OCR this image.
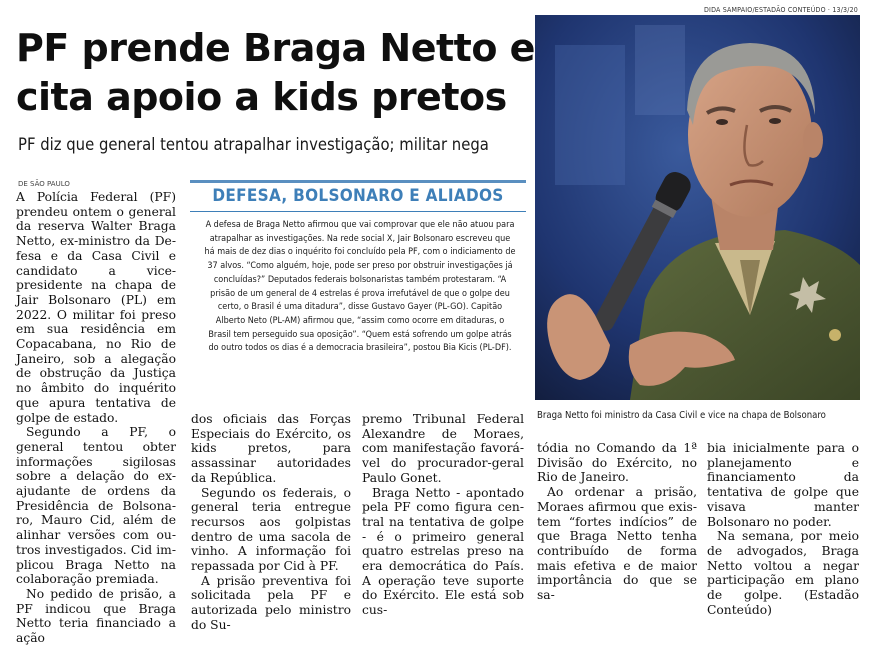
DIDA SAMPAIO/ESTADÃO CONTEÚDO · 13/3/20
PF prende Braga Netto e cita apoio a kids pretos

PF diz que general tentou atrapalhar investigação; militar nega

DE SÃO PAULO

A Polícia Federal (PF) prendeu ontem o general da reserva Walter Braga Netto, ex-ministro da Defesa e da Casa Civil e candidato a vice-presidente na chapa de Jair Bolsonaro (PL) em 2022. O militar foi preso em sua residência em Copacabana, no Rio de Janeiro, sob a alegação de obstrução da Justiça no âmbito do inquérito que apura tentativa de golpe de estado.

Segundo a PF, o general tentou obter informações sigilosas sobre a delação do ex-ajudante de ordens da Presidência de Bolsonaro, Mauro Cid, além de alinhar versões com outros investigados. Cid implicou Braga Netto na colaboração premiada.

No pedido de prisão, a PF indicou que Braga Netto teria financiado a ação

DEFESA, BOLSONARO E ALIADOS

A defesa de Braga Netto afirmou que vai comprovar que ele não atuou para atrapalhar as investigações. Na rede social X, Jair Bolsonaro escreveu que há mais de dez dias o inquérito foi concluído pela PF, com o indiciamento de 37 alvos. “Como alguém, hoje, pode ser preso por obstruir investigações já concluídas?” Deputados federais bolsonaristas também protestaram. “A prisão de um general de 4 estrelas é prova irrefutável de que o golpe deu certo, o Brasil é uma ditadura”, disse Gustavo Gayer (PL-GO). Capitão Alberto Neto (PL-AM) afirmou que, “assim como ocorre em ditaduras, o Brasil tem perseguido sua oposição”. “Quem está sofrendo um golpe atrás do outro todos os dias é a democracia brasileira”, postou Bia Kicis (PL-DF).

Braga Netto foi ministro da Casa Civil e vice na chapa de Bolsonaro

dos oficiais das Forças Especiais do Exército, os kids pretos, para assassinar autoridades da República.

Segundo os federais, o general teria entregue recursos aos golpistas dentro de uma sacola de vinho. A informação foi repassada por Cid à PF.

A prisão preventiva foi solicitada pela PF e autorizada pelo ministro do Su-

premo Tribunal Federal Alexandre de Moraes, com manifestação favorável do procurador-geral Paulo Gonet.

Braga Netto - apontado pela PF como figura central na tentativa de golpe - é o primeiro general quatro estrelas preso na era democrática do País. A operação teve suporte do Exército. Ele está sob cus-

tódia no Comando da 1ª Divisão do Exército, no Rio de Janeiro.

Ao ordenar a prisão, Moraes afirmou que existem “fortes indícios” de que Braga Netto tenha contribuído de forma mais efetiva e de maior importância do que se sa-

bia inicialmente para o planejamento e financiamento da tentativa de golpe que visava manter Bolsonaro no poder.

Na semana, por meio de advogados, Braga Netto voltou a negar participação em plano de golpe. (Estadão Conteúdo)
